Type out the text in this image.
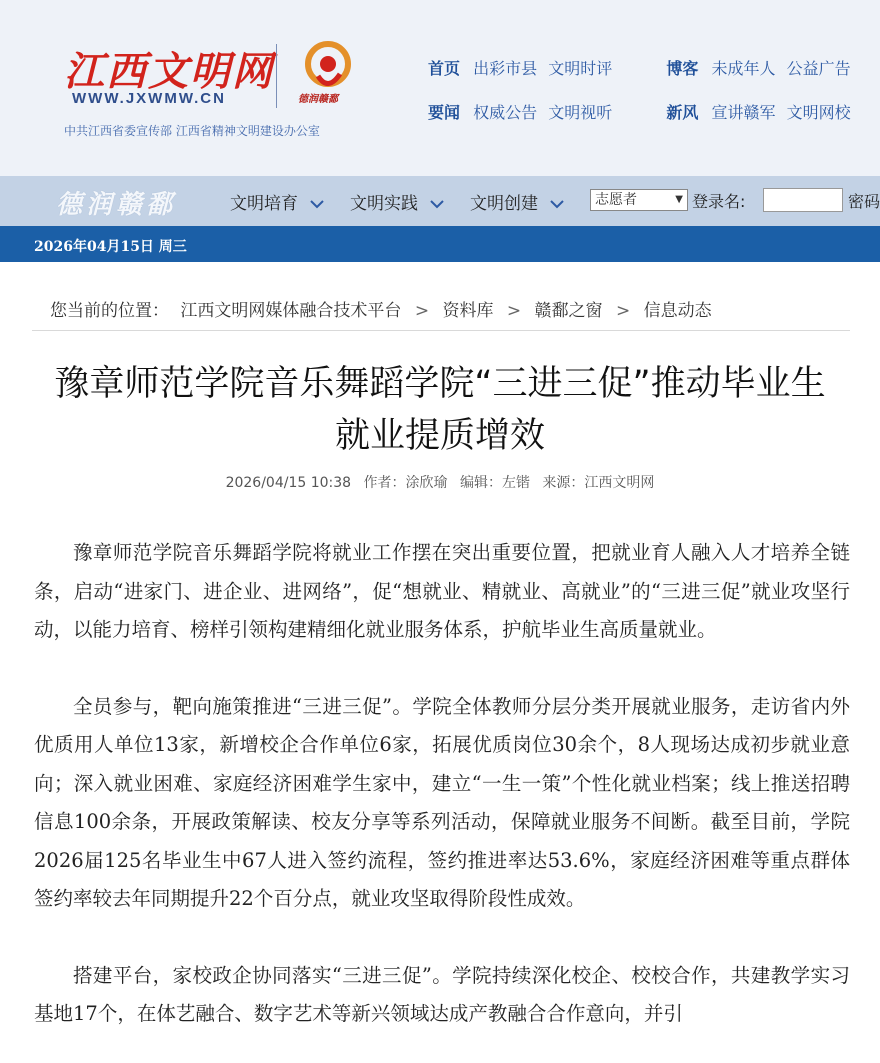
江西文明网
WWW.JXWMW.CN	德润赣鄱
中共江西省委宣传部 江西省精神文明建设办公室
首页 出彩市县 文明时评	博客 未成年人 公益广告
要闻 权威公告 文明视听	新风 宣讲赣军 文明网校
德润赣鄱	文明培育	文明实践	文明创建	志愿者	▼ 登录名:	密码
2026年04月15日 周三
您当前的位置： 江西文明网媒体融合技术平台 > 资料库 > 赣鄱之窗 > 信息动态
豫章师范学院音乐舞蹈学院“三进三促”推动毕业生就业提质增效
2026/04/15 10:38 作者：涂欣瑜 编辑：左锴 来源：江西文明网

豫章师范学院音乐舞蹈学院将就业工作摆在突出重要位置，把就业育人融入人才培养全链条，启动“进家门、进企业、进网络”，促“想就业、精就业、高就业”的“三进三促”就业攻坚行动，以能力培育、榜样引领构建精细化就业服务体系，护航毕业生高质量就业。

全员参与，靶向施策推进“三进三促”。学院全体教师分层分类开展就业服务，走访省内外优质用人单位13家，新增校企合作单位6家，拓展优质岗位30余个，8人现场达成初步就业意向；深入就业困难、家庭经济困难学生家中，建立“一生一策”个性化就业档案；线上推送招聘信息100余条，开展政策解读、校友分享等系列活动，保障就业服务不间断。截至目前，学院2026届125名毕业生中67人进入签约流程，签约推进率达53.6%，家庭经济困难等重点群体签约率较去年同期提升22个百分点，就业攻坚取得阶段性成效。

搭建平台，家校政企协同落实“三进三促”。学院持续深化校企、校校合作，共建教学实习基地17个，在体艺融合、数字艺术等新兴领域达成产教融合合作意向，并引
